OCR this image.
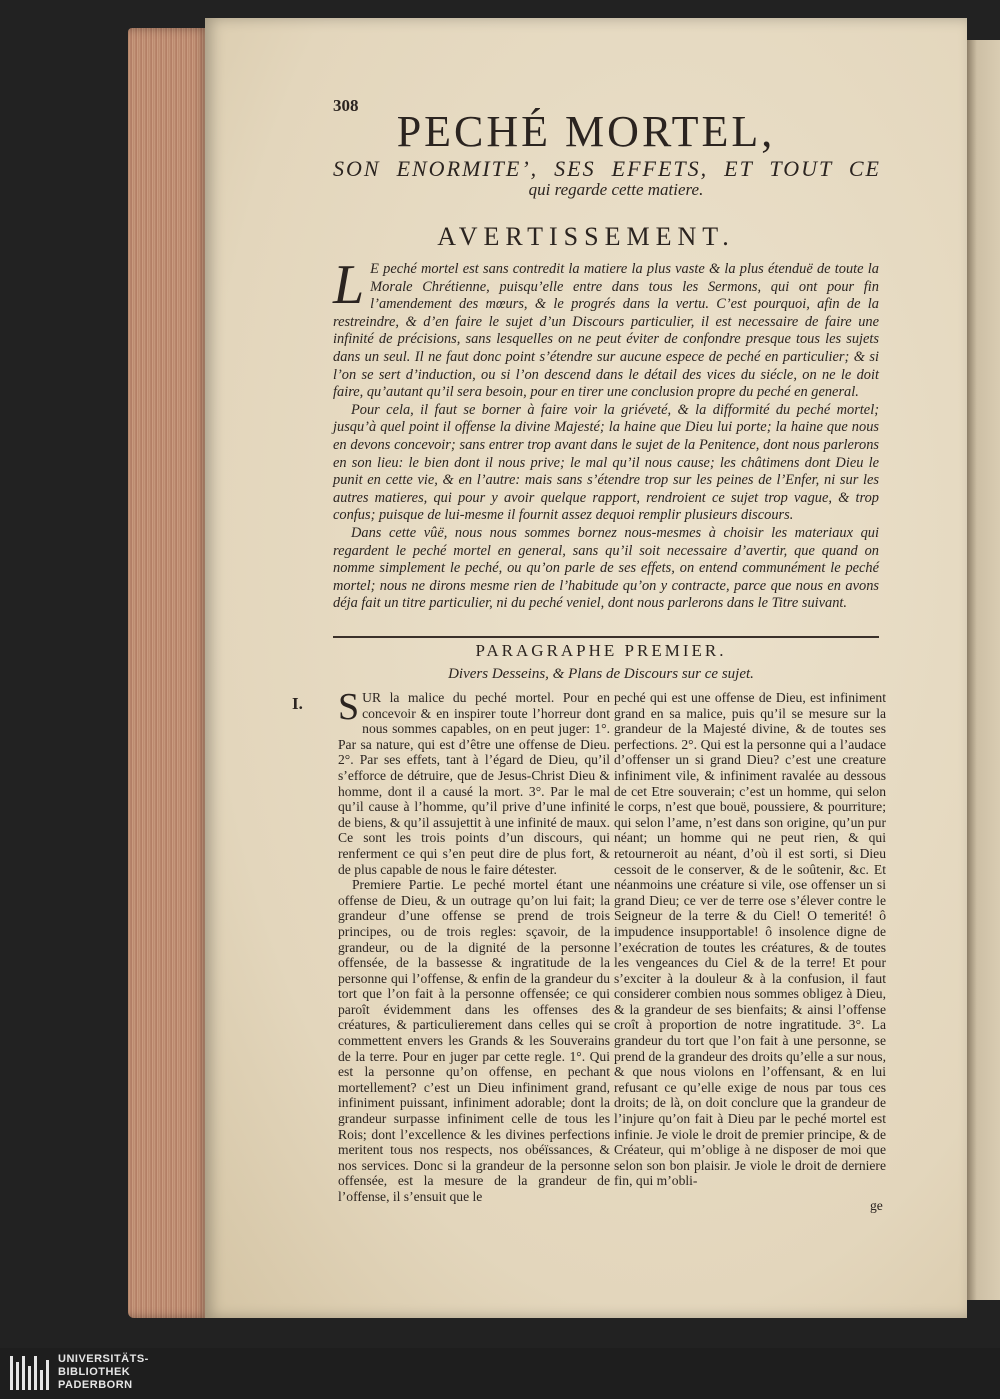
308
PECHÉ MORTEL,
SON ENORMITE’, SES EFFETS, ET TOUT CE
qui regarde cette matiere.
AVERTISSEMENT.

L E peché mortel est sans contredit la matiere la plus vaste & la plus étenduë de toute la Morale Chrétienne, puisqu’elle entre dans tous les Sermons, qui ont pour fin l’amendement des mœurs, & le progrés dans la vertu. C’est pourquoi, afin de la restreindre, & d’en faire le sujet d’un Discours particulier, il est necessaire de faire une infinité de précisions, sans lesquelles on ne peut éviter de confondre presque tous les sujets dans un seul. Il ne faut donc point s’étendre sur aucune espece de peché en particulier; & si l’on se sert d’induction, ou si l’on descend dans le détail des vices du siécle, on ne le doit faire, qu’autant qu’il sera besoin, pour en tirer une conclusion propre du peché en general.

Pour cela, il faut se borner à faire voir la griéveté, & la difformité du peché mortel; jusqu’à quel point il offense la divine Majesté; la haine que Dieu lui porte; la haine que nous en devons concevoir; sans entrer trop avant dans le sujet de la Penitence, dont nous parlerons en son lieu: le bien dont il nous prive; le mal qu’il nous cause; les châtimens dont Dieu le punit en cette vie, & en l’autre: mais sans s’étendre trop sur les peines de l’Enfer, ni sur les autres matieres, qui pour y avoir quelque rapport, rendroient ce sujet trop vague, & trop confus; puisque de lui-mesme il fournit assez dequoi remplir plusieurs discours.

Dans cette vûë, nous nous sommes bornez nous-mesmes à choisir les materiaux qui regardent le peché mortel en general, sans qu’il soit necessaire d’avertir, que quand on nomme simplement le peché, ou qu’on parle de ses effets, on entend communément le peché mortel; nous ne dirons mesme rien de l’habitude qu’on y contracte, parce que nous en avons déja fait un titre particulier, ni du peché veniel, dont nous parlerons dans le Titre suivant.

PARAGRAPHE PREMIER.
Divers Desseins, & Plans de Discours sur ce sujet.
I. SUR la malice du peché mortel. Pour en concevoir & en inspirer toute l’horreur dont nous sommes capables, on en peut juger: 1°. Par sa nature, qui est d’être une offense de Dieu. 2°. Par ses effets, tant à l’égard de Dieu, qu’il s’efforce de détruire, que de Jesus-Christ Dieu & homme, dont il a causé la mort. 3°. Par le mal qu’il cause à l’homme, qu’il prive d’une infinité de biens, & qu’il assujettit à une infinité de maux. Ce sont les trois points d’un discours, qui renferment ce qui s’en peut dire de plus fort, & de plus capable de nous le faire détester.

Premiere Partie. Le peché mortel étant une offense de Dieu, & un outrage qu’on lui fait; la grandeur d’une offense se prend de trois principes, ou de trois regles: sçavoir, de la grandeur, ou de la dignité de la personne offensée, de la bassesse & ingratitude de la personne qui l’offense, & enfin de la grandeur du tort que l’on fait à la personne offensée; ce qui paroît évidemment dans les offenses des créatures, & particulierement dans celles qui se commettent envers les Grands & les Souverains de la terre. Pour en juger par cette regle. 1°. Qui est la personne qu’on offense, en pechant mortellement? c’est un Dieu infiniment grand, infiniment puissant, infiniment adorable; dont la grandeur surpasse infiniment celle de tous les Rois; dont l’excellence & les divines perfections meritent tous nos respects, nos obéïssances, & nos services. Donc si la grandeur de la personne offensée, est la mesure de la grandeur de l’offense, il s’ensuit que le

peché qui est une offense de Dieu, est infiniment grand en sa malice, puis qu’il se mesure sur la grandeur de la Majesté divine, & de toutes ses perfections. 2°. Qui est la personne qui a l’audace d’offenser un si grand Dieu? c’est une creature infiniment vile, & infiniment ravalée au dessous de cet Etre souverain; c’est un homme, qui selon le corps, n’est que bouë, poussiere, & pourriture; qui selon l’ame, n’est dans son origine, qu’un pur néant; un homme qui ne peut rien, & qui retourneroit au néant, d’où il est sorti, si Dieu cessoit de le conserver, & de le soûtenir, &c. Et néanmoins une créature si vile, ose offenser un si grand Dieu; ce ver de terre ose s’élever contre le Seigneur de la terre & du Ciel! O temerité! ô impudence insupportable! ô insolence digne de l’exécration de toutes les créatures, & de toutes les vengeances du Ciel & de la terre! Et pour s’exciter à la douleur & à la confusion, il faut considerer combien nous sommes obligez à Dieu, & la grandeur de ses bienfaits; & ainsi l’offense croît à proportion de notre ingratitude. 3°. La grandeur du tort que l’on fait à une personne, se prend de la grandeur des droits qu’elle a sur nous, & que nous violons en l’offensant, & en lui refusant ce qu’elle exige de nous par tous ces droits; de là, on doit conclure que la grandeur de l’injure qu’on fait à Dieu par le peché mortel est infinie. Je viole le droit de premier principe, & de Créateur, qui m’oblige à ne disposer de moi que selon son bon plaisir. Je viole le droit de derniere fin, qui m’obli-

ge
UNIVERSITÄTS-
BIBLIOTHEK
PADERBORN
